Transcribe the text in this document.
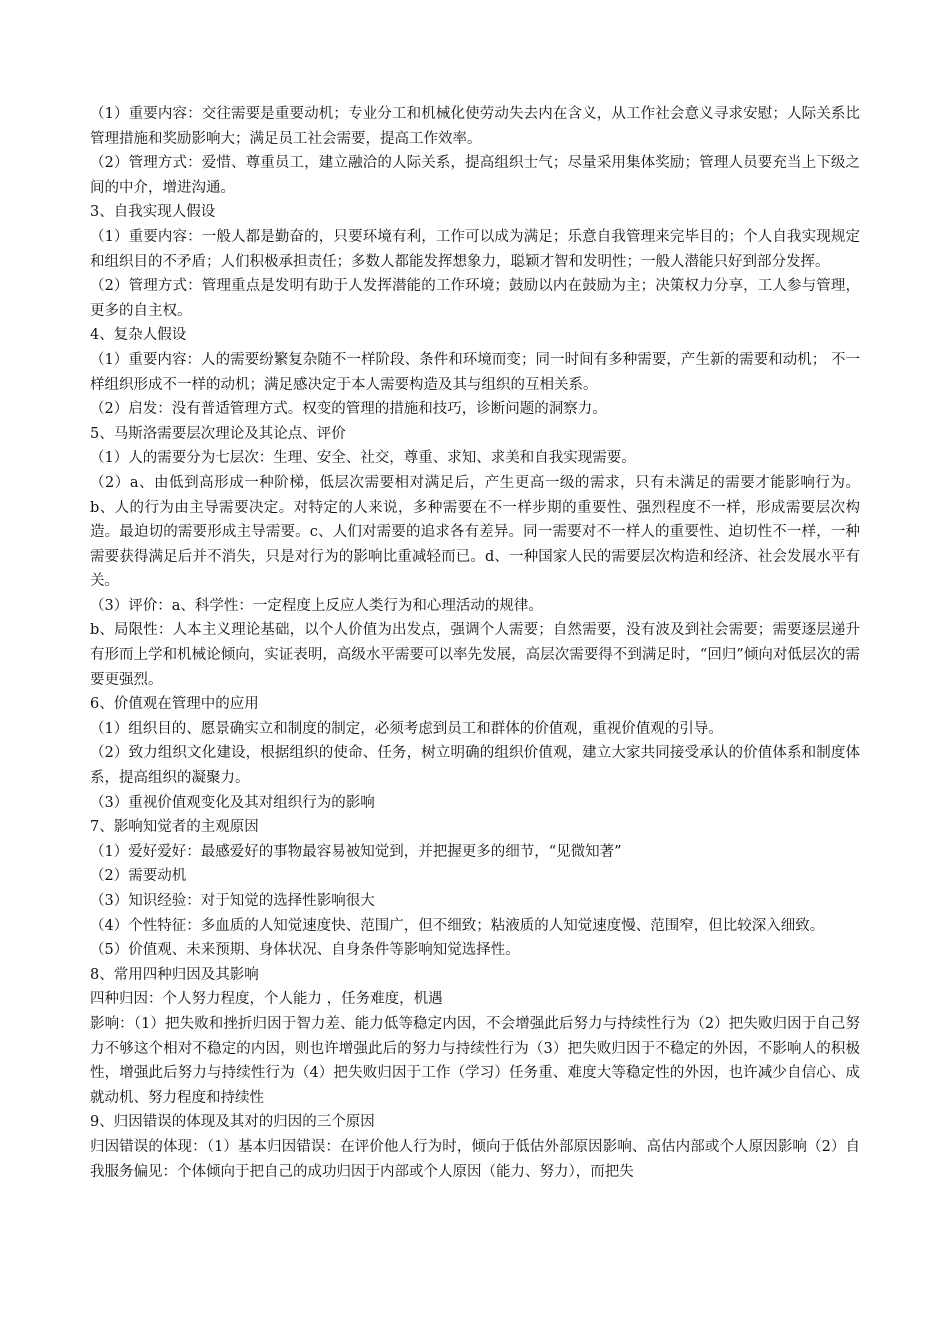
（1）重要内容：交往需要是重要动机；专业分工和机械化使劳动失去内在含义，从工作社会意义寻求安慰；人际关系比管理措施和奖励影响大；满足员工社会需要，提高工作效率。

（2）管理方式：爱惜、尊重员工，建立融洽的人际关系，提高组织士气；尽量采用集体奖励；管理人员要充当上下级之间的中介，增进沟通。

3、自我实现人假设

（1）重要内容：一般人都是勤奋的，只要环境有利，工作可以成为满足；乐意自我管理来完毕目的；个人自我实现规定和组织目的不矛盾；人们积极承担责任；多数人都能发挥想象力，聪颖才智和发明性；一般人潜能只好到部分发挥。

（2）管理方式：管理重点是发明有助于人发挥潜能的工作环境；鼓励以内在鼓励为主；决策权力分享，工人参与管理，更多的自主权。

4、复杂人假设

（1）重要内容：人的需要纷繁复杂随不一样阶段、条件和环境而变；同一时间有多种需要，产生新的需要和动机； 不一样组织形成不一样的动机；满足感决定于本人需要构造及其与组织的互相关系。

（2）启发：没有普适管理方式。权变的管理的措施和技巧，诊断问题的洞察力。

5、马斯洛需要层次理论及其论点、评价

（1）人的需要分为七层次：生理、安全、社交，尊重、求知、求美和自我实现需要。

（2）a、由低到高形成一种阶梯，低层次需要相对满足后，产生更高一级的需求，只有未满足的需要才能影响行为。 b、人的行为由主导需要决定。对特定的人来说，多种需要在不一样步期的重要性、强烈程度不一样，形成需要层次构造。最迫切的需要形成主导需要。c、人们对需要的追求各有差异。同一需要对不一样人的重要性、迫切性不一样，一种需要获得满足后并不消失，只是对行为的影响比重减轻而已。d、一种国家人民的需要层次构造和经济、社会发展水平有关。

（3）评价：a、科学性：一定程度上反应人类行为和心理活动的规律。

b、局限性：人本主义理论基础，以个人价值为出发点，强调个人需要；自然需要，没有波及到社会需要；需要逐层递升有形而上学和机械论倾向，实证表明，高级水平需要可以率先发展，高层次需要得不到满足时，“回归”倾向对低层次的需要更强烈。

6、价值观在管理中的应用

（1）组织目的、愿景确实立和制度的制定，必须考虑到员工和群体的价值观，重视价值观的引导。

（2）致力组织文化建设，根据组织的使命、任务，树立明确的组织价值观，建立大家共同接受承认的价值体系和制度体系，提高组织的凝聚力。

（3）重视价值观变化及其对组织行为的影响

7、影响知觉者的主观原因

（1）爱好爱好：最感爱好的事物最容易被知觉到，并把握更多的细节，“见微知著”

（2）需要动机

（3）知识经验：对于知觉的选择性影响很大

（4）个性特征：多血质的人知觉速度快、范围广，但不细致；粘液质的人知觉速度慢、范围窄，但比较深入细致。

（5）价值观、未来预期、身体状况、自身条件等影响知觉选择性。

8、常用四种归因及其影响

四种归因：个人努力程度，个人能力 ，任务难度，机遇

影响：（1）把失败和挫折归因于智力差、能力低等稳定内因，不会增强此后努力与持续性行为（2）把失败归因于自己努力不够这个相对不稳定的内因，则也许增强此后的努力与持续性行为（3）把失败归因于不稳定的外因，不影响人的积极性，增强此后努力与持续性行为（4）把失败归因于工作（学习）任务重、难度大等稳定性的外因，也许减少自信心、成就动机、努力程度和持续性

9、归因错误的体现及其对的归因的三个原因

归因错误的体现：（1）基本归因错误：在评价他人行为时，倾向于低估外部原因影响、高估内部或个人原因影响（2）自我服务偏见：个体倾向于把自己的成功归因于内部或个人原因（能力、努力），而把失
